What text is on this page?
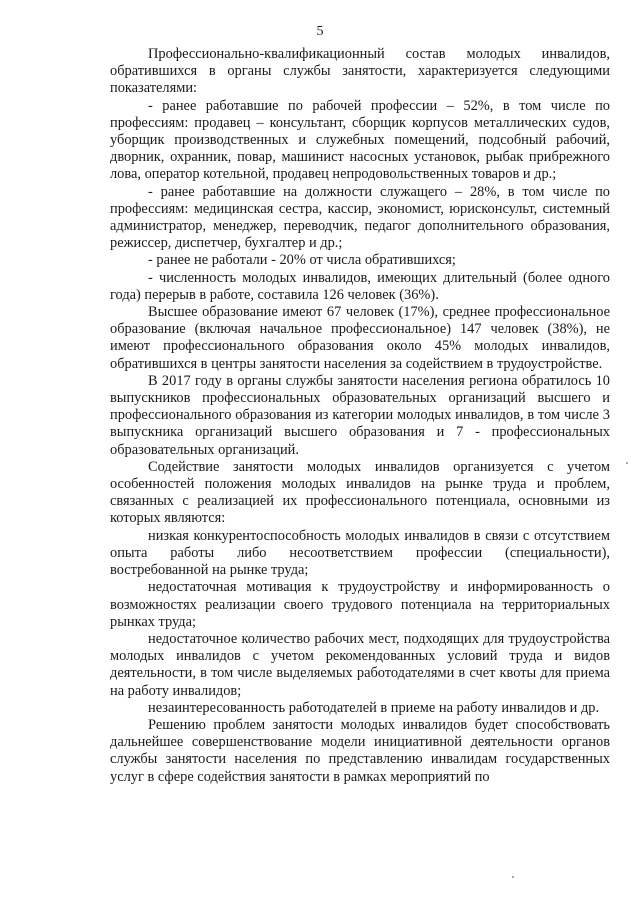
5

Профессионально-квалификационный состав молодых инвалидов, обратившихся в органы службы занятости, характеризуется следующими показателями:

- ранее работавшие по рабочей профессии – 52%, в том числе по профессиям: продавец – консультант, сборщик корпусов металлических судов, уборщик производственных и служебных помещений, подсобный рабочий, дворник, охранник, повар, машинист насосных установок, рыбак прибрежного лова, оператор котельной, продавец непродовольственных товаров и др.;

- ранее работавшие на должности служащего – 28%, в том числе по профессиям: медицинская сестра, кассир, экономист, юрисконсульт, системный администратор, менеджер, переводчик, педагог дополнительного образования, режиссер, диспетчер, бухгалтер и др.;

- ранее не работали - 20% от числа обратившихся;

- численность молодых инвалидов, имеющих длительный (более одного года) перерыв в работе, составила 126 человек (36%).

Высшее образование имеют 67 человек (17%), среднее профессиональное образование (включая начальное профессиональное) 147 человек (38%), не имеют профессионального образования около 45% молодых инвалидов, обратившихся в центры занятости населения за содействием в трудоустройстве.

В 2017 году в органы службы занятости населения региона обратилось 10 выпускников профессиональных образовательных организаций высшего и профессионального образования из категории молодых инвалидов, в том числе 3 выпускника организаций высшего образования и 7 - профессиональных образовательных организаций.

Содействие занятости молодых инвалидов организуется с учетом особенностей положения молодых инвалидов на рынке труда и проблем, связанных с реализацией их профессионального потенциала, основными из которых являются:

низкая конкурентоспособность молодых инвалидов в связи с отсутствием опыта работы либо несоответствием профессии (специальности), востребованной на рынке труда;

недостаточная мотивация к трудоустройству и информированность о возможностях реализации своего трудового потенциала на территориальных рынках труда;

недостаточное количество рабочих мест, подходящих для трудоустройства молодых инвалидов с учетом рекомендованных условий труда и видов деятельности, в том числе выделяемых работодателями в счет квоты для приема на работу инвалидов;

незаинтересованность работодателей в приеме на работу инвалидов и др.

Решению проблем занятости молодых инвалидов будет способствовать дальнейшее совершенствование модели инициативной деятельности органов службы занятости населения по представлению инвалидам государственных услуг в сфере содействия занятости в рамках мероприятий по
